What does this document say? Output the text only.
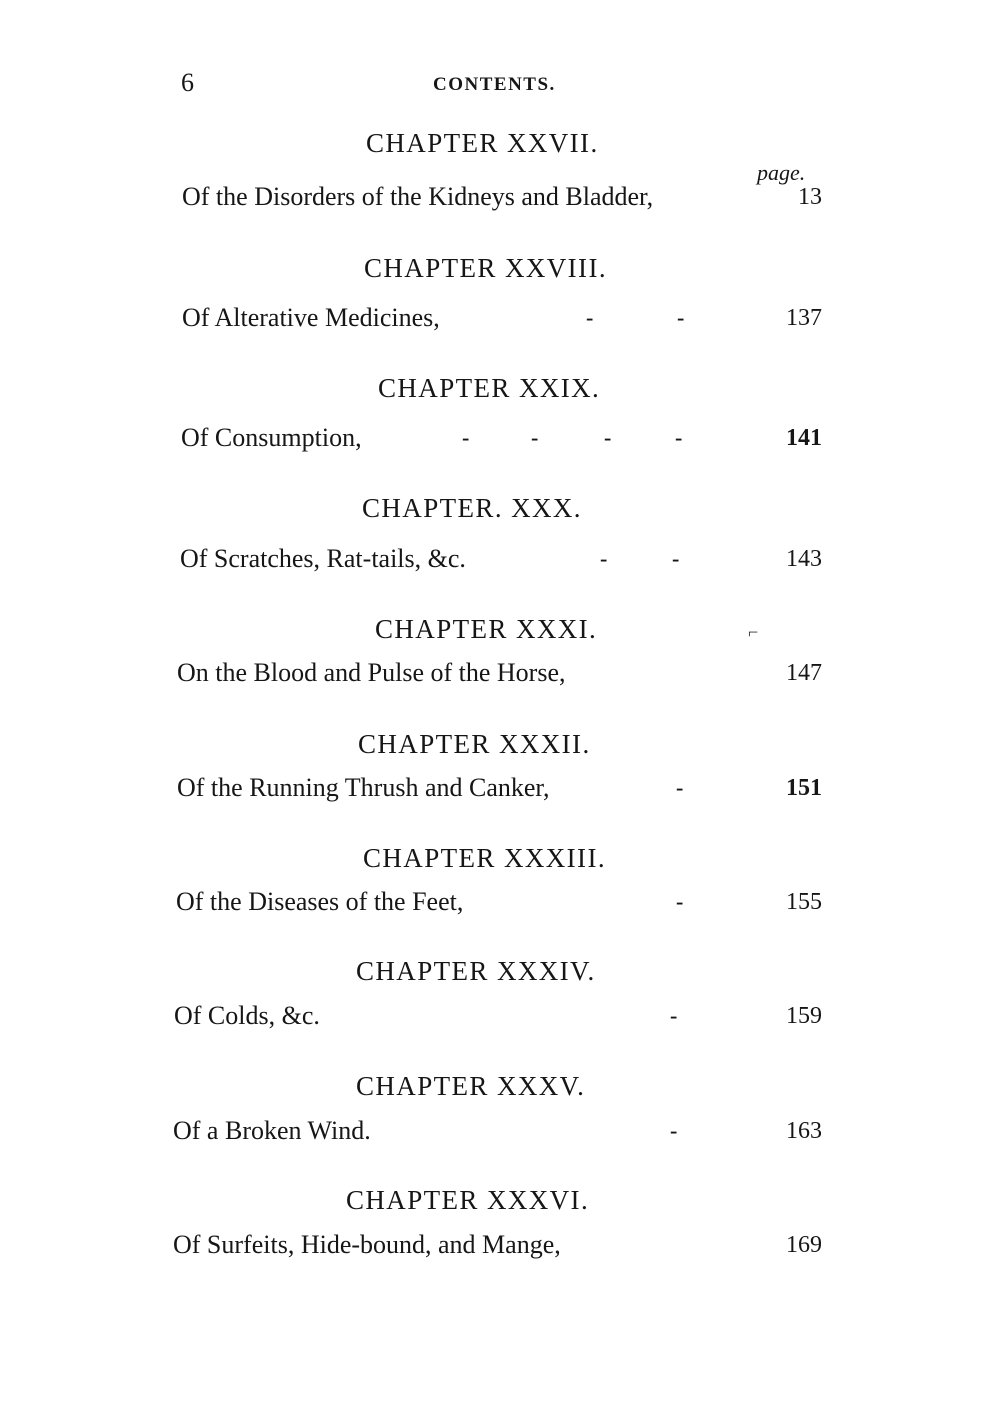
6	CONTENTS.
page.
CHAPTER XXVII.
Of the Disorders of the Kidneys and Bladder,	13
CHAPTER XXVIII.
Of Alterative Medicines,	-	-	137
CHAPTER XXIX.
Of Consumption,	-	-	-	-	141
CHAPTER. XXX.
Of Scratches, Rat-tails, &c.	-	-	143
CHAPTER XXXI.	⌐
On the Blood and Pulse of the Horse,	147
CHAPTER XXXII.
Of the Running Thrush and Canker,	-	151
CHAPTER XXXIII.
Of the Diseases of the Feet,	-	155
CHAPTER XXXIV.
Of Colds, &c.	-	159
CHAPTER XXXV.
Of a Broken Wind.	-	163
CHAPTER XXXVI.
Of Surfeits, Hide-bound, and Mange,	169
